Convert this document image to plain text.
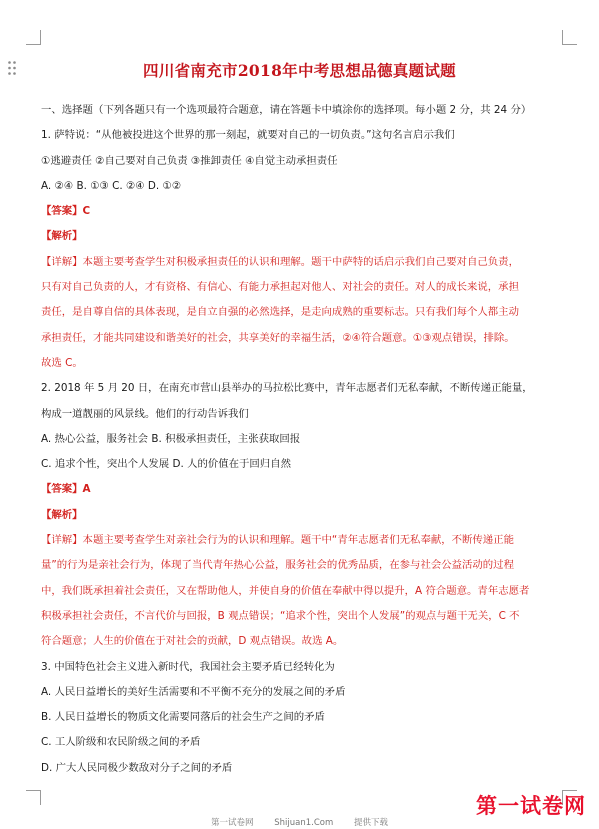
四川省南充市2018年中考思想品德真题试题
一、选择题（下列各题只有一个选项最符合题意，请在答题卡中填涂你的选择项。每小题 2 分，共 24 分）
1. 萨特说：“从他被投进这个世界的那一刻起，就要对自己的一切负责。”这句名言启示我们
①逃避责任 ②自己要对自己负责 ③推卸责任 ④自觉主动承担责任
A. ②④ B. ①③ C. ②④ D. ①②
【答案】C
【解析】
【详解】本题主要考查学生对积极承担责任的认识和理解。题干中萨特的话启示我们自己要对自己负责，
只有对自己负责的人，才有资格、有信心、有能力承担起对他人、对社会的责任。对人的成长来说，承担
责任，是自尊自信的具体表现，是自立自强的必然选择，是走向成熟的重要标志。只有我们每个人都主动
承担责任，才能共同建设和谐美好的社会，共享美好的幸福生活，②④符合题意。①③观点错误，排除。
故选 C。
2. 2018 年 5 月 20 日，在南充市营山县举办的马拉松比赛中，青年志愿者们无私奉献，不断传递正能量，
构成一道靓丽的风景线。他们的行动告诉我们
A. 热心公益，服务社会 B. 积极承担责任，主张获取回报
C. 追求个性，突出个人发展 D. 人的价值在于回归自然
【答案】A
【解析】
【详解】本题主要考查学生对亲社会行为的认识和理解。题干中“青年志愿者们无私奉献，不断传递正能
量”的行为是亲社会行为，体现了当代青年热心公益，服务社会的优秀品质，在参与社会公益活动的过程
中，我们既承担着社会责任，又在帮助他人，并使自身的价值在奉献中得以提升，A 符合题意。青年志愿者
积极承担社会责任，不言代价与回报，B 观点错误；“追求个性，突出个人发展”的观点与题干无关，C 不
符合题意；人生的价值在于对社会的贡献，D 观点错误。故选 A。
3. 中国特色社会主义进入新时代，我国社会主要矛盾已经转化为
A. 人民日益增长的美好生活需要和不平衡不充分的发展之间的矛盾
B. 人民日益增长的物质文化需要同落后的社会生产之间的矛盾
C. 工人阶级和农民阶级之间的矛盾
D. 广大人民同极少数敌对分子之间的矛盾
第一试卷网 Shijuan1.Com 提供下载
第一试卷网
